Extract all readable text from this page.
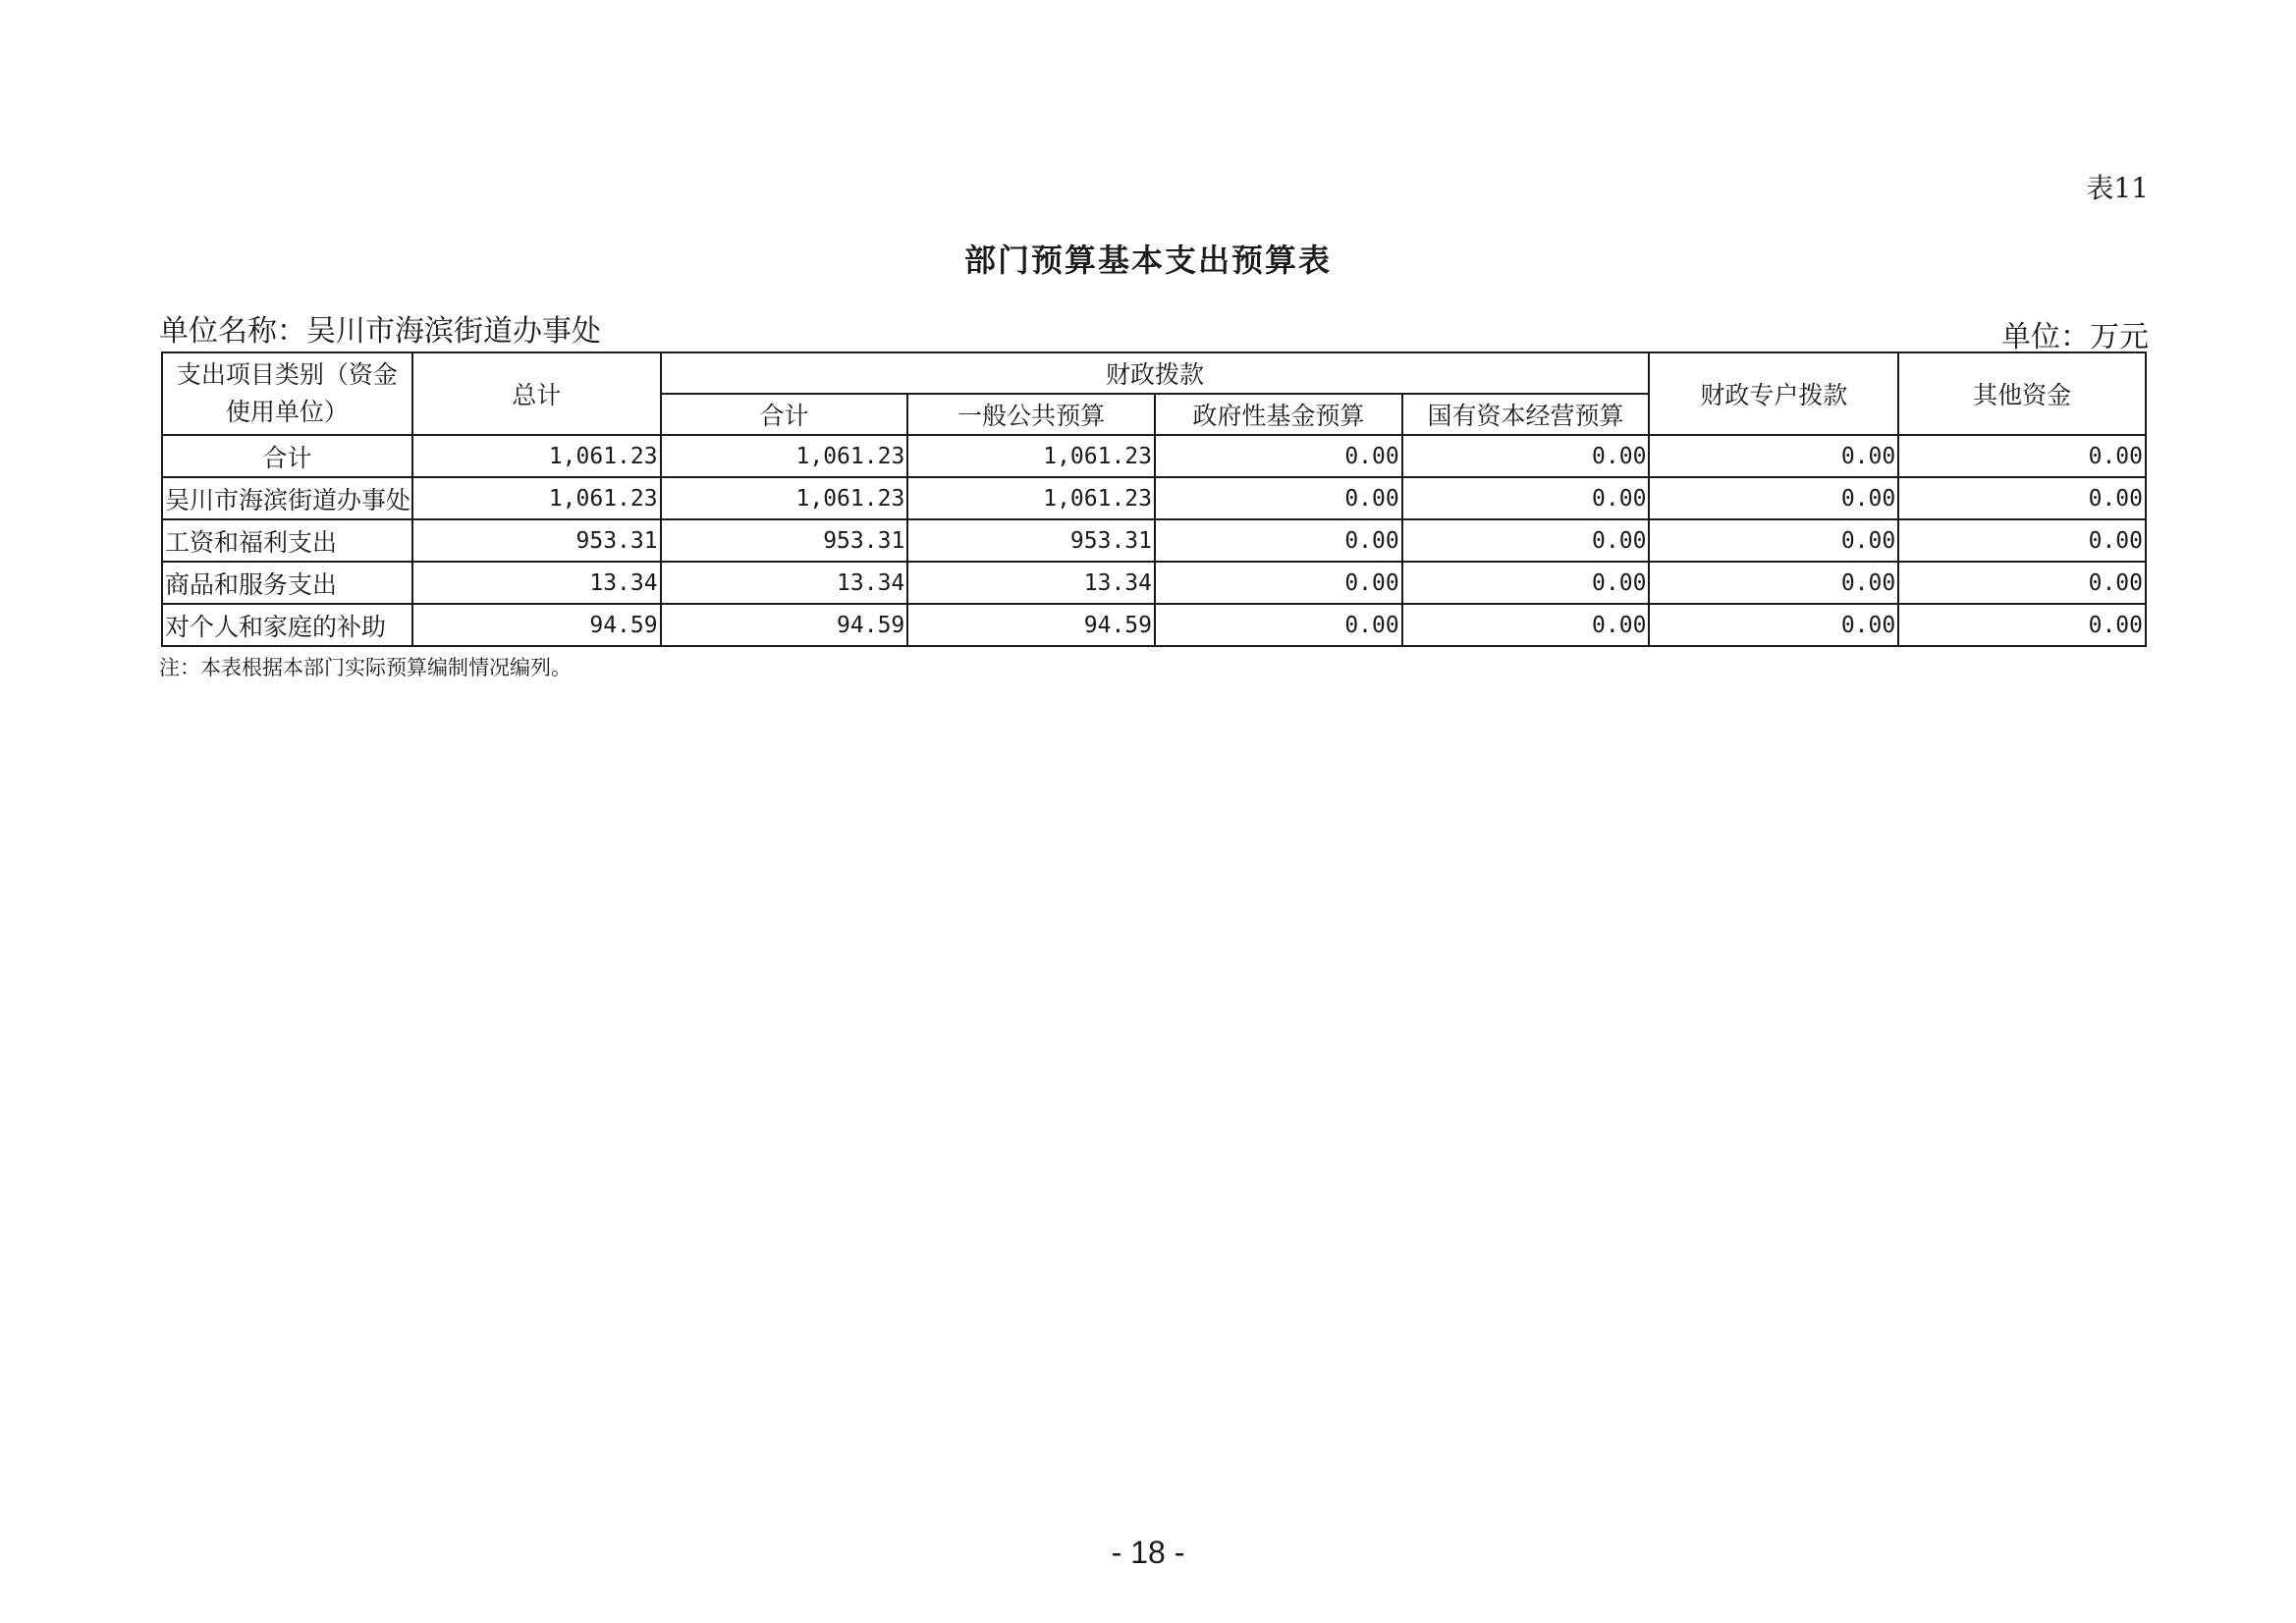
表11
部门预算基本支出预算表
单位名称：吴川市海滨街道办事处	单位：万元
支出项目类别（资金使用单位）	总计	财政拨款				财政专户拨款	其他资金
		合计	一般公共预算	政府性基金预算	国有资本经营预算		
合计	1,061.23	1,061.23	1,061.23	0.00	0.00	0.00	0.00
吴川市海滨街道办事处	1,061.23	1,061.23	1,061.23	0.00	0.00	0.00	0.00
工资和福利支出	953.31	953.31	953.31	0.00	0.00	0.00	0.00
商品和服务支出	13.34	13.34	13.34	0.00	0.00	0.00	0.00
对个人和家庭的补助	94.59	94.59	94.59	0.00	0.00	0.00	0.00
注：本表根据本部门实际预算编制情况编列。
- 18 -
